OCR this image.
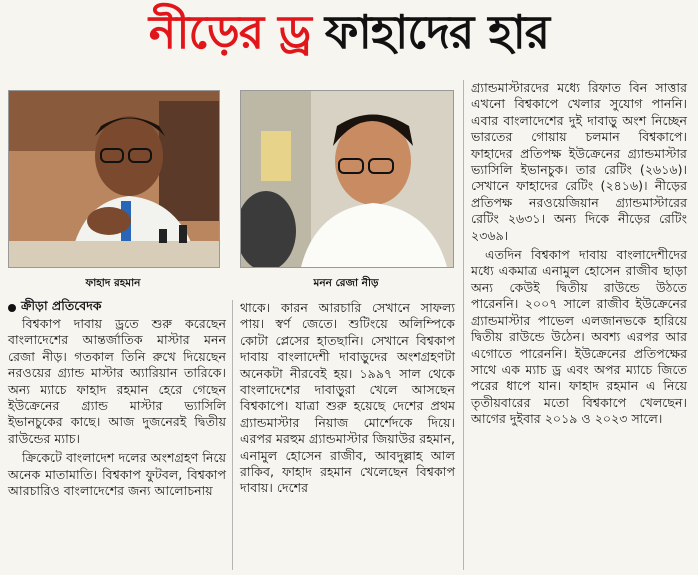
নীড়ের ড্র ফাহাদের হার
ফাহাদ রহমান	মনন রেজা নীড়
ক্রীড়া প্রতিবেদক

বিশ্বকাপ দাবায় ড্রতে শুরু করেছেন বাংলাদেশের আন্তর্জাতিক মাস্টার মনন রেজা নীড়। গতকাল তিনি রুখে দিয়েছেন নরওয়ের গ্র্যান্ড মাস্টার অ্যারিয়ান তারিকে। অন্য ম্যাচে ফাহাদ রহমান হেরে গেছেন ইউক্রেনের গ্র্যান্ড মাস্টার ভ্যাসিলি ইভানচুকের কাছে। আজ দুজনেরই দ্বিতীয় রাউন্ডের ম্যাচ।

ক্রিকেটে বাংলাদেশ দলের অংশগ্রহণ নিয়ে অনেক মাতামাতি। বিশ্বকাপ ফুটবল, বিশ্বকাপ আরচারিও বাংলাদেশের জন্য আলোচনায়

থাকে। কারন আরচারি সেখানে সাফল্য পায়। স্বর্ণ জেতে। শুটিংয়ে অলিম্পিকে কোটা প্লেসের হাতছানি। সেখানে বিশ্বকাপ দাবায় বাংলাদেশী দাবাড়ুদের অংশগ্রহণটা অনেকটা নীরবেই হয়। ১৯৯৭ সাল থেকে বাংলাদেশের দাবাড়ুরা খেলে আসছেন বিশ্বকাপে। যাত্রা শুরু হয়েছে দেশের প্রথম গ্র্যান্ডমাস্টার নিয়াজ মোর্শেদকে দিয়ে। এরপর মরহুম গ্র্যান্ডমাস্টার জিয়াউর রহমান, এনামুল হোসেন রাজীব, আবদুল্লাহ আল রাকিব, ফাহাদ রহমান খেলেছেন বিশ্বকাপ দাবায়। দেশের

গ্র্যান্ডমাস্টারদের মধ্যে রিফাত বিন সাত্তার এখনো বিশ্বকাপে খেলার সুযোগ পাননি। এবার বাংলাদেশের দুই দাবাড়ু অংশ নিচ্ছেন ভারতের গোয়ায় চলমান বিশ্বকাপে। ফাহাদের প্রতিপক্ষ ইউক্রেনের গ্র্যান্ডমাস্টার ভ্যাসিলি ইভানচুক। তার রেটিং (২৬১৬)। সেখানে ফাহাদের রেটিং (২৪১৬)। নীড়ের প্রতিপক্ষ নরওয়েজিয়ান গ্র্যান্ডমাস্টারের রেটিং ২৬৩১। অন্য দিকে নীড়ের রেটিং ২৩৬৯।

এতদিন বিশ্বকাপ দাবায় বাংলাদেশীদের মধ্যে একমাত্র এনামুল হোসেন রাজীব ছাড়া অন্য কেউই দ্বিতীয় রাউন্ডে উঠতে পারেননি। ২০০৭ সালে রাজীব ইউক্রেনের গ্র্যান্ডমাস্টার পাভেল এলজানভকে হারিয়ে দ্বিতীয় রাউন্ডে উঠেন। অবশ্য এরপর আর এগোতে পারেননি। ইউক্রেনের প্রতিপক্ষের সাথে এক ম্যাচ ড্র এবং অপর ম্যাচে জিতে পরের ধাপে যান। ফাহাদ রহমান এ নিয়ে তৃতীয়বারের মতো বিশ্বকাপে খেলছেন। আগের দুইবার ২০১৯ ও ২০২৩ সালে।
